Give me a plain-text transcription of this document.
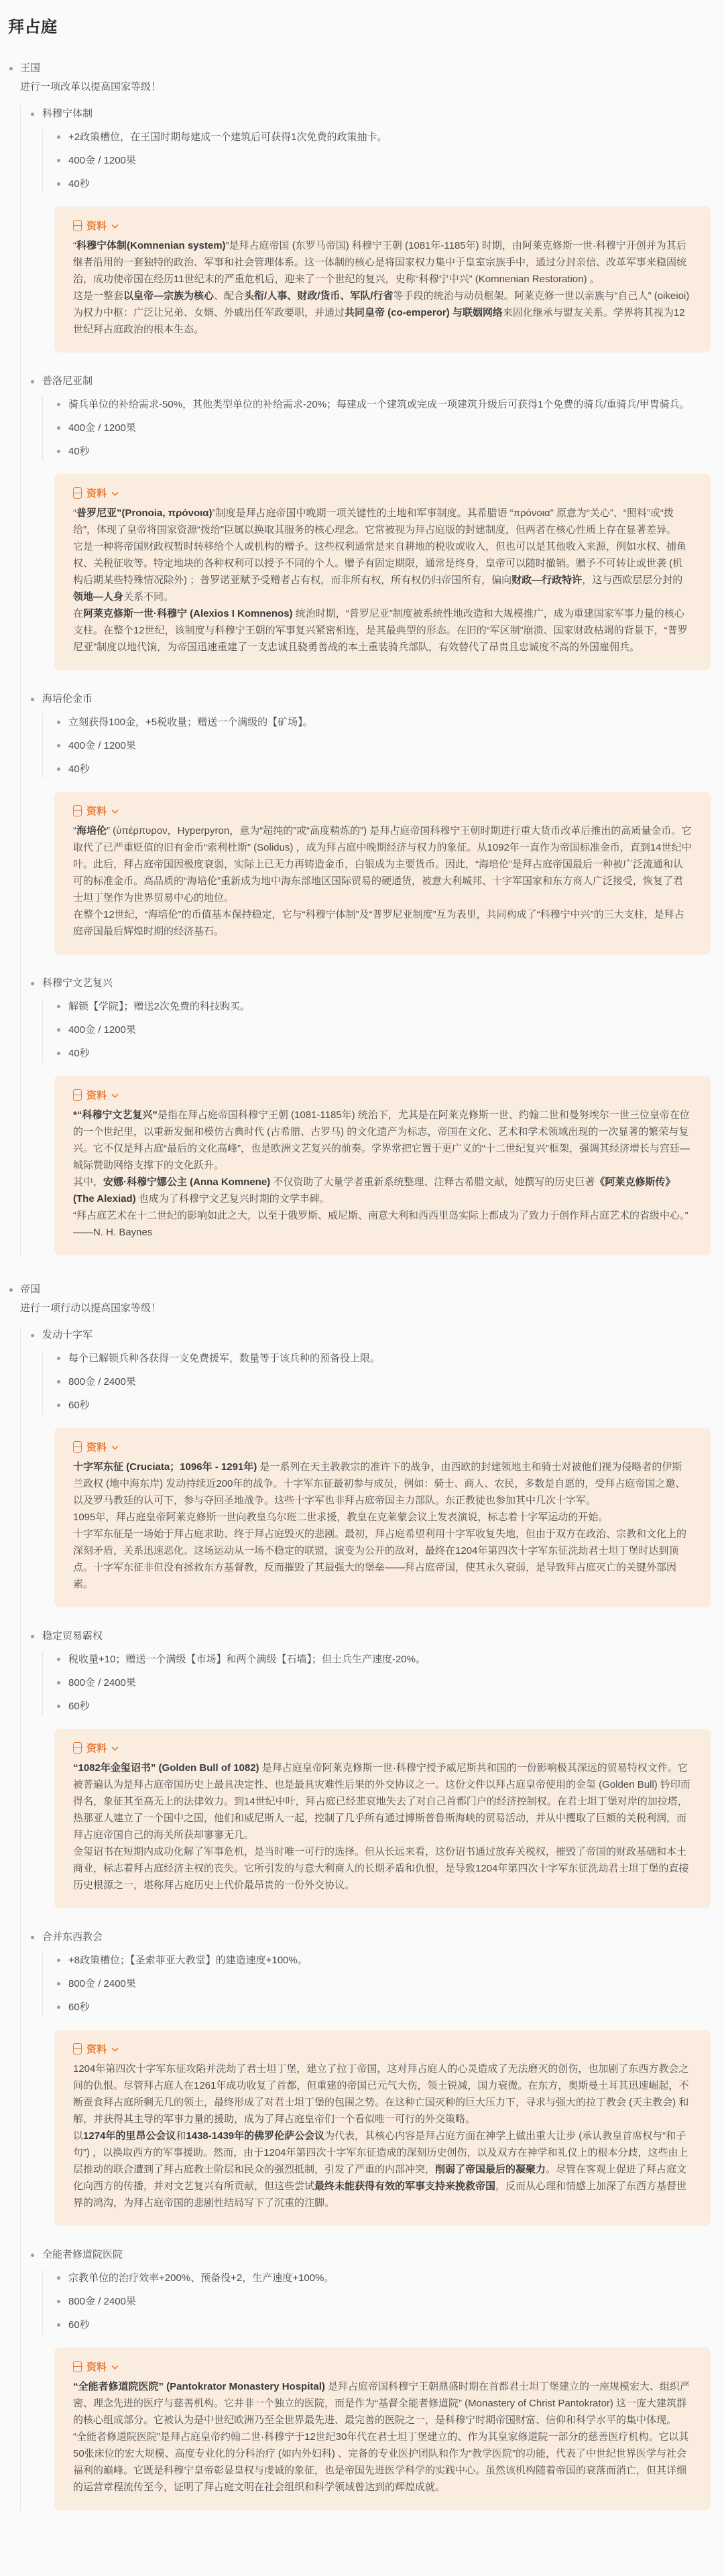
拜占庭
王国
进行一项改革以提高国家等级！
科穆宁体制
+2政策槽位，在王国时期每建成一个建筑后可获得1次免费的政策抽卡。
400金 / 1200果
40秒
资料

“科穆宁体制(Komnenian system)”是拜占庭帝国 (东罗马帝国) 科穆宁王朝 (1081年-1185年) 时期，由阿莱克修斯一世·科穆宁开创并为其后继者沿用的一套独特的政治、军事和社会管理体系。这一体制的核心是将国家权力集中于皇室宗族手中，通过分封亲信、改革军事来稳固统治，成功使帝国在经历11世纪末的严重危机后，迎来了一个世纪的复兴，史称“科穆宁中兴” (Komnenian Restoration) 。

这是一整套以皇帝—宗族为核心、配合头衔/人事、财政/货币、军队/行省等手段的统治与动员框架。阿莱克修一世以亲族与“自己人” (oikeioi) 为权力中枢：广泛让兄弟、女婿、外戚出任军政要职，并通过共同皇帝 (co-emperor) 与联姻网络来固化继承与盟友关系。学界将其视为12世纪拜占庭政治的根本生态。

普洛尼亚制
骑兵单位的补给需求-50%，其他类型单位的补给需求-20%；每建成一个建筑或完成一项建筑升级后可获得1个免费的骑兵/重骑兵/甲胄骑兵。
400金 / 1200果
40秒
资料

“普罗尼亚”(Pronoia, πρόνοια)”制度是拜占庭帝国中晚期一项关键性的土地和军事制度。其希腊语 “πρόνοια” 原意为“关心”、“照料”或“拨给”，体现了皇帝将国家资源“拨给”臣属以换取其服务的核心理念。它常被视为拜占庭版的封建制度，但两者在核心性质上存在显著差异。

它是一种将帝国财政权暂时转移给个人或机构的赠予。这些权利通常是来自耕地的税收或收入，但也可以是其他收入来源，例如水权、捕鱼权、关税征收等。特定地块的各种权利可以授予不同的个人。赠予有固定期限，通常是终身，皇帝可以随时撤销。赠予不可转让或世袭 (机构后期某些特殊情况除外) ；普罗诺亚赋予受赠者占有权，而非所有权，所有权仍归帝国所有，偏向财政—行政特许，这与西欧层层分封的领地—人身关系不同。

在阿莱克修斯一世·科穆宁 (Alexios I Komnenos) 统治时期，“普罗尼亚”制度被系统性地改造和大规模推广，成为重建国家军事力量的核心支柱。在整个12世纪，该制度与科穆宁王朝的军事复兴紧密相连，是其最典型的形态。在旧的“军区制”崩溃、国家财政枯竭的背景下，“普罗尼亚”制度以地代饷，为帝国迅速重建了一支忠诚且骁勇善战的本土重装骑兵部队，有效替代了昂贵且忠诚度不高的外国雇佣兵。

海培伦金币
立刻获得100金，+5税收量；赠送一个满级的【矿场】。
400金 / 1200果
40秒
资料

“海培伦” (ὑπέρπυρον，Hyperpyron，意为“超纯的”或“高度精炼的”) 是拜占庭帝国科穆宁王朝时期进行重大货币改革后推出的高质量金币。它取代了已严重贬值的旧有金币“索利杜斯” (Solidus) ，成为拜占庭中晚期经济与权力的象征。从1092年一直作为帝国标准金币，直到14世纪中叶。此后，拜占庭帝国因极度衰弱，实际上已无力再铸造金币，白银成为主要货币。因此，“海培伦”是拜占庭帝国最后一种被广泛流通和认可的标准金币。高品质的“海培伦”重新成为地中海东部地区国际贸易的硬通货，被意大利城邦、十字军国家和东方商人广泛接受，恢复了君士坦丁堡作为世界贸易中心的地位。

在整个12世纪，“海培伦”的币值基本保持稳定，它与“科穆宁体制”及“普罗尼亚制度”互为表里，共同构成了“科穆宁中兴”的三大支柱，是拜占庭帝国最后辉煌时期的经济基石。

科穆宁文艺复兴
解锁【学院】；赠送2次免费的科技购买。
400金 / 1200果
40秒
资料

*“科穆宁文艺复兴”是指在拜占庭帝国科穆宁王朝 (1081-1185年) 统治下，尤其是在阿莱克修斯一世、约翰二世和曼努埃尔一世三位皇帝在位的一个世纪里，以重新发掘和模仿古典时代 (古希腊、古罗马) 的文化遗产为标志，帝国在文化、艺术和学术领域出现的一次显著的繁荣与复兴。它不仅是拜占庭“最后的文化高峰”，也是欧洲文艺复兴的前奏。学界常把它置于更广义的“十二世纪复兴”框架，强调其经济增长与宫廷—城际赞助网络支撑下的文化跃升。

其中，安娜·科穆宁娜公主 (Anna Komnene) 不仅资助了大量学者重新系统整理、注释古希腊文献，她撰写的历史巨著《阿莱克修斯传》 (The Alexiad) 也成为了科穆宁文艺复兴时期的文学丰碑。

“拜占庭艺术在十二世纪的影响如此之大，以至于俄罗斯、威尼斯、南意大利和西西里岛实际上都成为了致力于创作拜占庭艺术的省级中心。”——N. H. Baynes

帝国
进行一项行动以提高国家等级！
发动十字军
每个已解锁兵种各获得一支免费援军，数量等于该兵种的预备役上限。
800金 / 2400果
60秒
资料

十字军东征 (Cruciata；1096年 - 1291年) 是一系列在天主教教宗的准许下的战争，由西欧的封建领地主和骑士对被他们视为侵略者的伊斯兰政权 (地中海东岸) 发动持续近200年的战争。十字军东征最初参与成员，例如：骑士、商人、农民，多数是自愿的，受拜占庭帝国之邀、以及罗马教廷的认可下，参与夺回圣地战争。这些十字军也非拜占庭帝国主力部队。东正教徒也参加其中几次十字军。

1095年，拜占庭皇帝阿莱克修斯一世向教皇乌尔班二世求援，教皇在克莱蒙会议上发表演说，标志着十字军运动的开始。

十字军东征是一场始于拜占庭求助、终于拜占庭毁灭的悲剧。最初，拜占庭希望利用十字军收复失地，但由于双方在政治、宗教和文化上的深刻矛盾，关系迅速恶化。这场运动从一场不稳定的联盟，演变为公开的敌对，最终在1204年第四次十字军东征洗劫君士坦丁堡时达到顶点。十字军东征非但没有拯救东方基督教，反而摧毁了其最强大的堡垒——拜占庭帝国，使其永久衰弱，是导致拜占庭灭亡的关键外部因素。

稳定贸易霸权
税收量+10；赠送一个满级【市场】和两个满级【石墙】；但士兵生产速度-20%。
800金 / 2400果
60秒
资料

“1082年金玺诏书” (Golden Bull of 1082) 是拜占庭皇帝阿莱克修斯一世·科穆宁授予威尼斯共和国的一份影响极其深远的贸易特权文件。它被普遍认为是拜占庭帝国历史上最具决定性、也是最具灾难性后果的外交协议之一。这份文件以拜占庭皇帝使用的金玺 (Golden Bull) 钤印而得名，象征其至高无上的法律效力。到14世纪中叶，拜占庭已经悲哀地失去了对自己首都门户的经济控制权。在君士坦丁堡对岸的加拉塔，热那亚人建立了一个国中之国，他们和威尼斯人一起，控制了几乎所有通过博斯普鲁斯海峡的贸易活动，并从中攫取了巨额的关税利润，而拜占庭帝国自己的海关所获却寥寥无几。

金玺诏书在短期内成功化解了军事危机，是当时唯一可行的选择。但从长远来看，这份诏书通过放弃关税权，摧毁了帝国的财政基础和本土商业，标志着拜占庭经济主权的丧失。它所引发的与意大利商人的长期矛盾和仇恨，是导致1204年第四次十字军东征洗劫君士坦丁堡的直接历史根源之一，堪称拜占庭历史上代价最昂贵的一份外交协议。

合并东西教会
+8政策槽位；【圣索菲亚大教堂】的建造速度+100%。
800金 / 2400果
60秒
资料

1204年第四次十字军东征攻陷并洗劫了君士坦丁堡，建立了拉丁帝国，这对拜占庭人的心灵造成了无法磨灭的创伤，也加剧了东西方教会之间的仇恨。尽管拜占庭人在1261年成功收复了首都，但重建的帝国已元气大伤，领土锐减，国力衰微。在东方，奥斯曼土耳其迅速崛起，不断蚕食拜占庭所剩无几的领土，最终形成了对君士坦丁堡的包围之势。在这种亡国灭种的巨大压力下，寻求与强大的拉丁教会 (天主教会) 和解，并获得其主导的军事力量的援助，成为了拜占庭皇帝们一个看似唯一可行的外交策略。

以1274年的里昂公会议和1438-1439年的佛罗伦萨公会议为代表，其核心内容是拜占庭方面在神学上做出重大让步 (承认教皇首席权与“和子句”) ，以换取西方的军事援助。然而，由于1204年第四次十字军东征造成的深刻历史创伤，以及双方在神学和礼仪上的根本分歧，这些由上层推动的联合遭到了拜占庭教士阶层和民众的强烈抵制，引发了严重的内部冲突，削弱了帝国最后的凝聚力。尽管在客观上促进了拜占庭文化向西方的传播，并对文艺复兴有所贡献，但这些尝试最终未能获得有效的军事支持来挽救帝国，反而从心理和情感上加深了东西方基督世界的鸿沟，为拜占庭帝国的悲剧性结局写下了沉重的注脚。

全能者修道院医院
宗教单位的治疗效率+200%、预备役+2，生产速度+100%。
800金 / 2400果
60秒
资料

“全能者修道院医院” (Pantokrator Monastery Hospital) 是拜占庭帝国科穆宁王朝鼎盛时期在首都君士坦丁堡建立的一座规模宏大、组织严密、理念先进的医疗与慈善机构。它并非一个独立的医院，而是作为“基督全能者修道院” (Monastery of Christ Pantokrator) 这一庞大建筑群的核心组成部分。它被认为是中世纪欧洲乃至全世界最先进、最完善的医院之一，是科穆宁时期帝国财富、信仰和科学水平的集中体现。

“全能者修道院医院”是拜占庭皇帝约翰二世·科穆宁于12世纪30年代在君士坦丁堡建立的、作为其皇家修道院一部分的慈善医疗机构。它以其50张床位的宏大规模、高度专业化的分科治疗 (如内外妇科) 、完备的专业医护团队和作为“教学医院”的功能，代表了中世纪世界医学与社会福利的巅峰。它既是科穆宁皇帝彰显皇权与虔诚的象征，也是帝国先进医学科学的实践中心。虽然该机构随着帝国的衰落而消亡，但其详细的运营章程流传至今，证明了拜占庭文明在社会组织和科学领域曾达到的辉煌成就。
